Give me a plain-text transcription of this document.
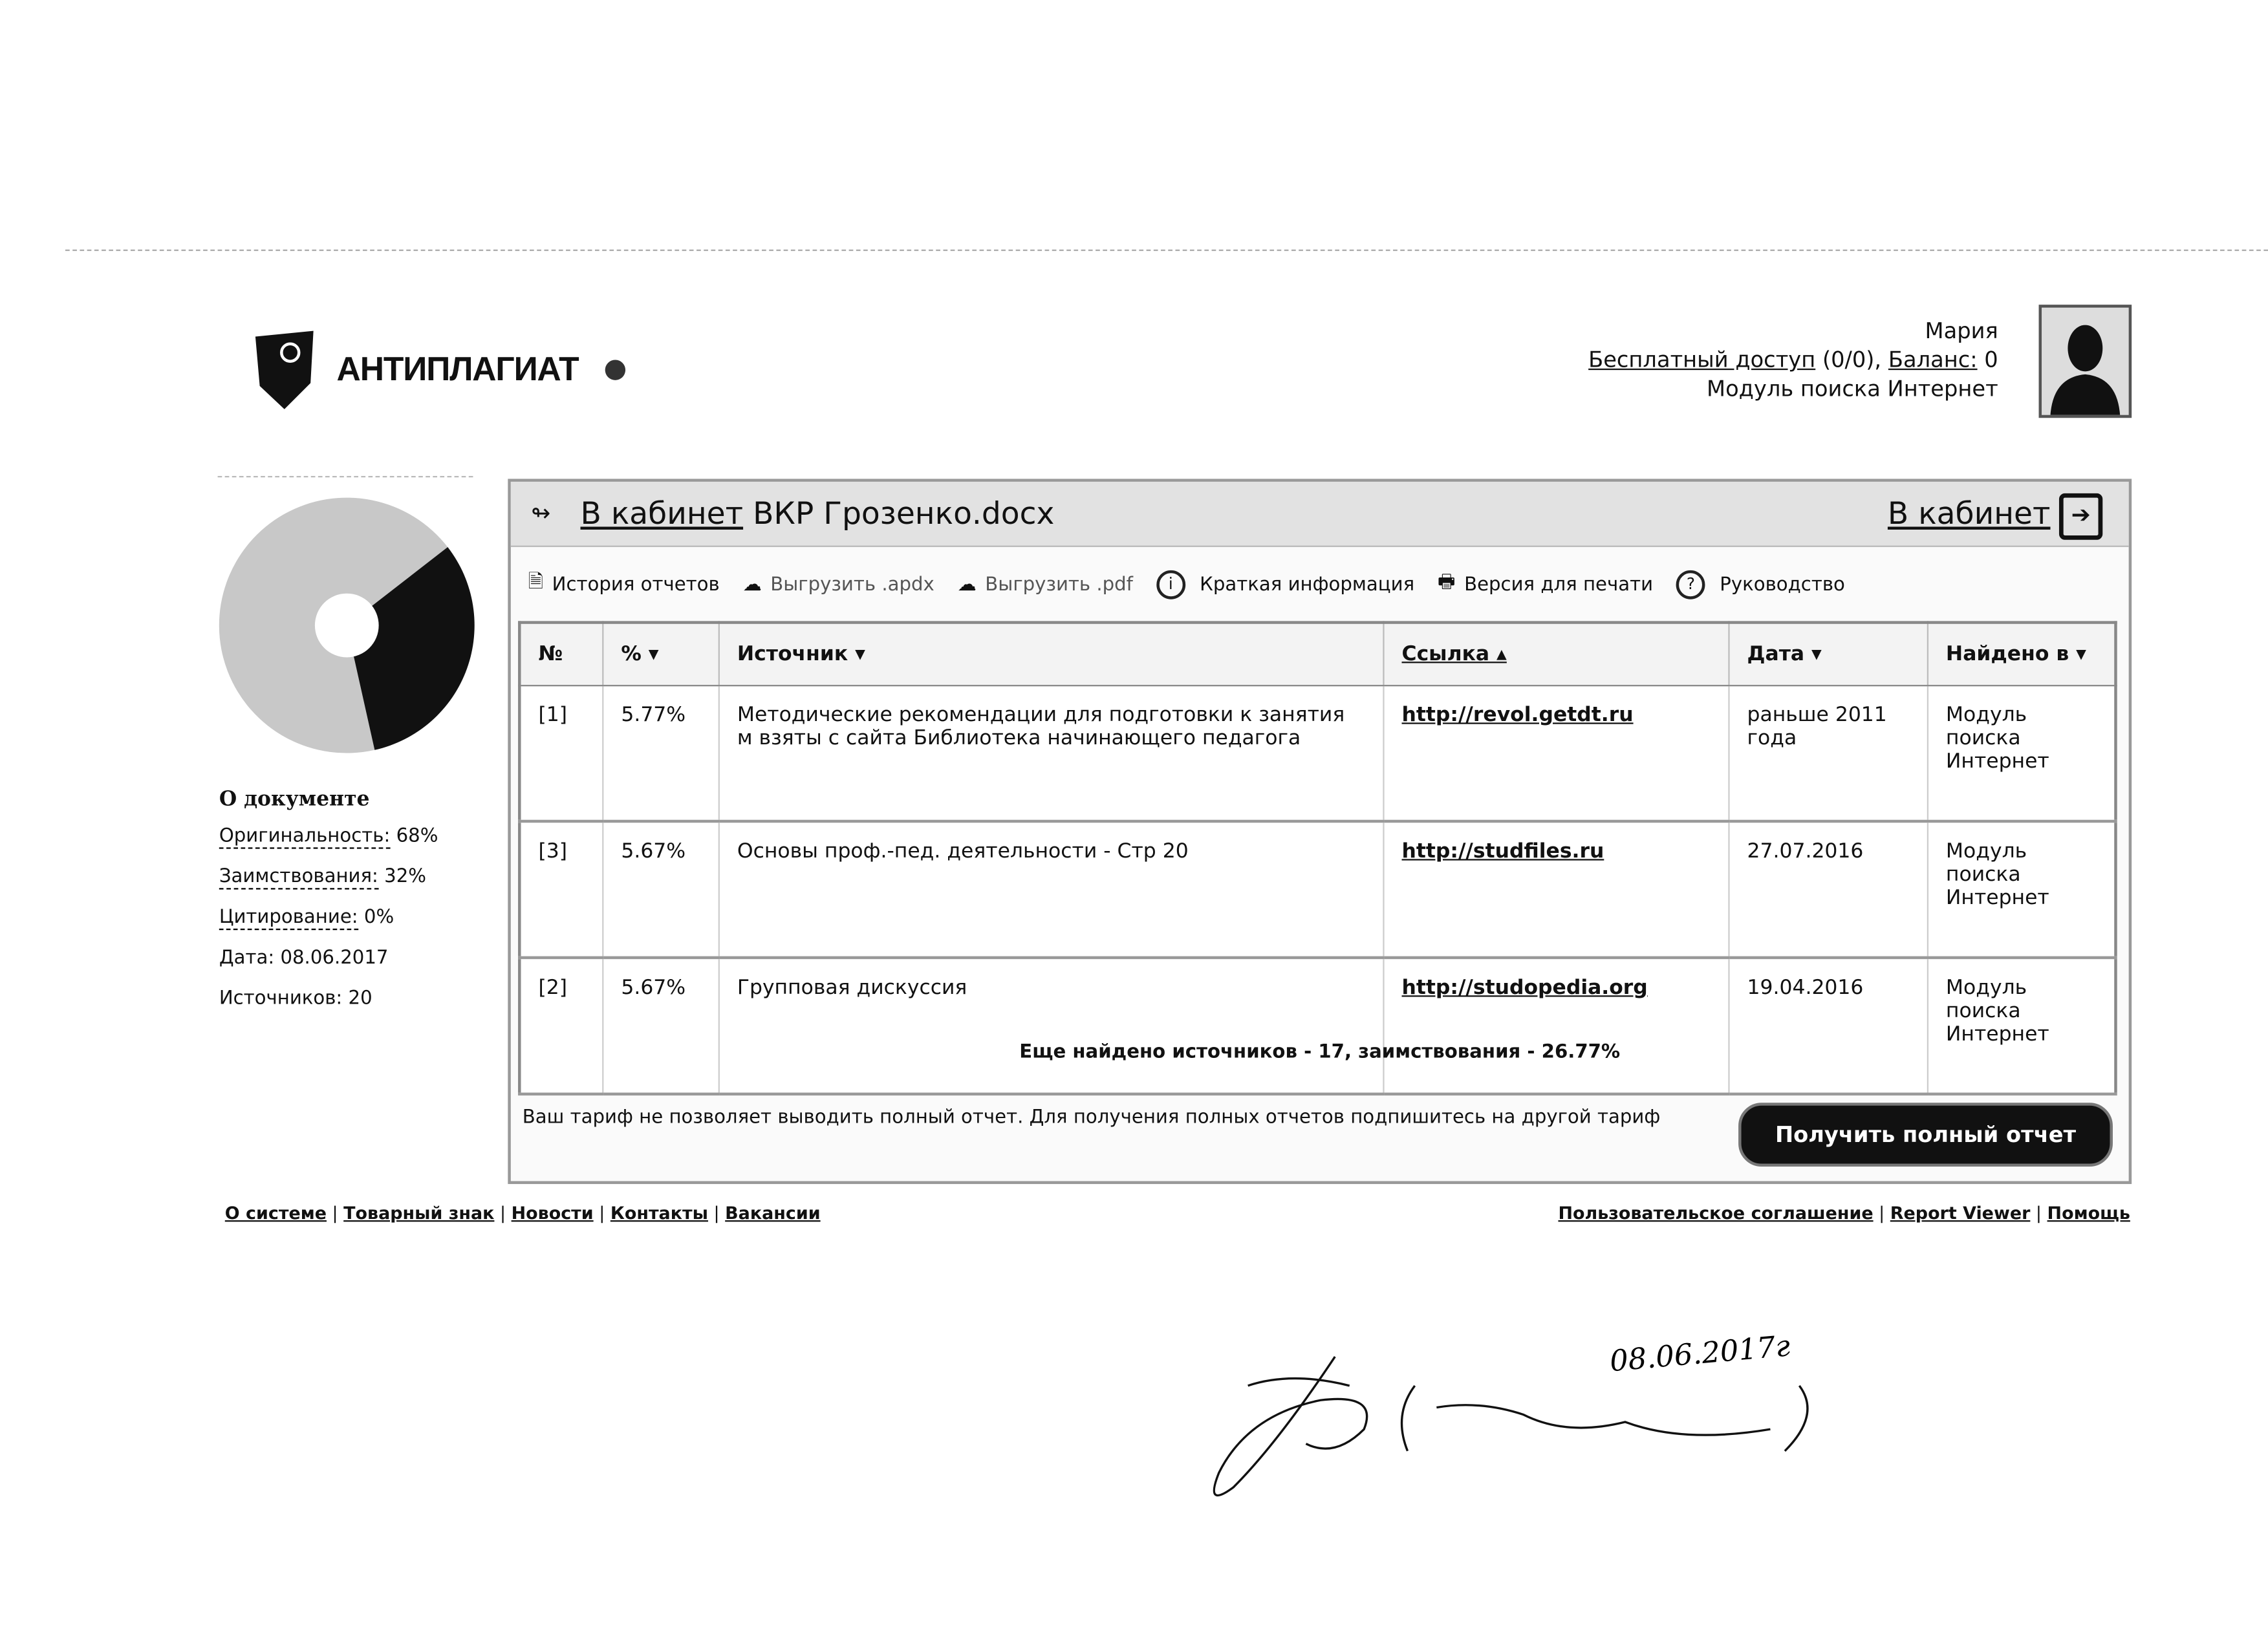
АНТИПЛАГИАТ
Мария
Бесплатный доступ (0/0), Баланс: 0
Модуль поиска Интернет
О документе
Оригинальность: 68%
Заимствования: 32%
Цитирование: 0%
Дата: 08.06.2017
Источников: 20
↬ В кабинет ВКР Грозенко.docx	В кабинет	➔
🗎 История отчетов	☁ Выгрузить .apdx	☁ Выгрузить .pdf	i	Краткая информация	🖶 Версия для печати	?	Руководство
№	% ▾	Источник ▾	Ссылка ▴	Дата ▾	Найдено в ▾
[1]	5.77%	Методические рекомендации для подготовки к занятия м взяты с сайта Библиотека начинающего педагога	http://revol.getdt.ru	раньше 2011 года	Модуль поиска Интернет
[3]	5.67%	Основы проф.-пед. деятельности - Стр 20	http://studfiles.ru	27.07.2016	Модуль поиска Интернет
[2]	5.67%	Групповая дискуссия	http://studopedia.org	19.04.2016	Модуль поиска Интернет
Еще найдено источников - 17, заимствования - 26.77%
Ваш тариф не позволяет выводить полный отчет. Для получения полных отчетов подпишитесь на другой тариф
Получить полный отчет
О системе | Товарный знак | Новости | Контакты | Вакансии	Пользовательское соглашение | Report Viewer | Помощь
08.06.2017г
